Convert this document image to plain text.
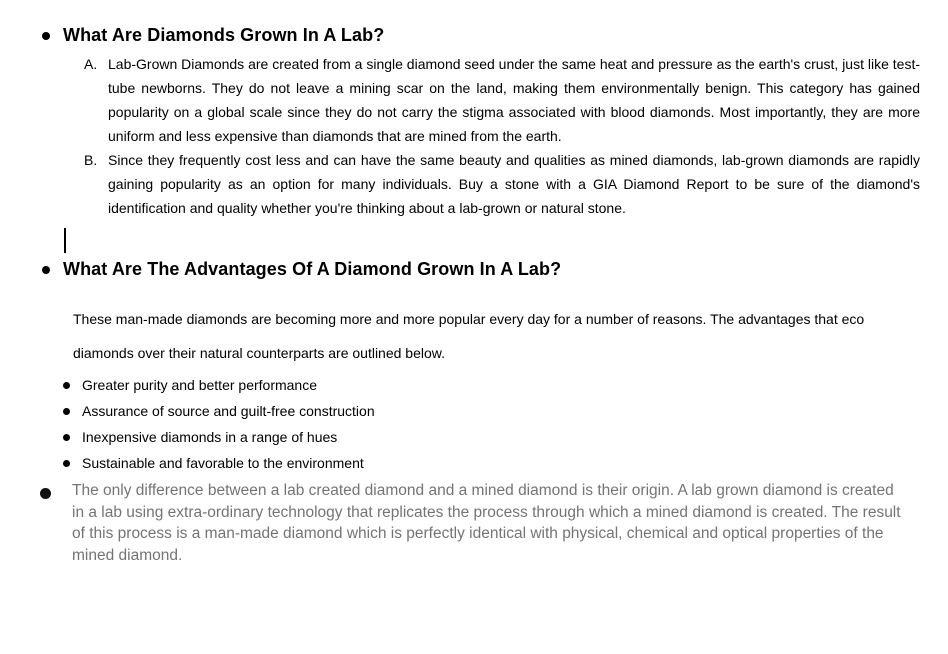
What Are Diamonds Grown In A Lab?
A. Lab-Grown Diamonds are created from a single diamond seed under the same heat and pressure as the earth's crust, just like test-tube newborns. They do not leave a mining scar on the land, making them environmentally benign. This category has gained popularity on a global scale since they do not carry the stigma associated with blood diamonds. Most importantly, they are more uniform and less expensive than diamonds that are mined from the earth.

B. Since they frequently cost less and can have the same beauty and qualities as mined diamonds, lab-grown diamonds are rapidly gaining popularity as an option for many individuals. Buy a stone with a GIA Diamond Report to be sure of the diamond's identification and quality whether you're thinking about a lab-grown or natural stone.

What Are The Advantages Of A Diamond Grown In A Lab?
These man-made diamonds are becoming more and more popular every day for a number of reasons. The advantages that eco
diamonds over their natural counterparts are outlined below.
Greater purity and better performance
Assurance of source and guilt-free construction
Inexpensive diamonds in a range of hues
Sustainable and favorable to the environment

The only difference between a lab created diamond and a mined diamond is their origin. A lab grown diamond is created in a lab using extra-ordinary technology that replicates the process through which a mined diamond is created. The result of this process is a man-made diamond which is perfectly identical with physical, chemical and optical properties of the mined diamond.
